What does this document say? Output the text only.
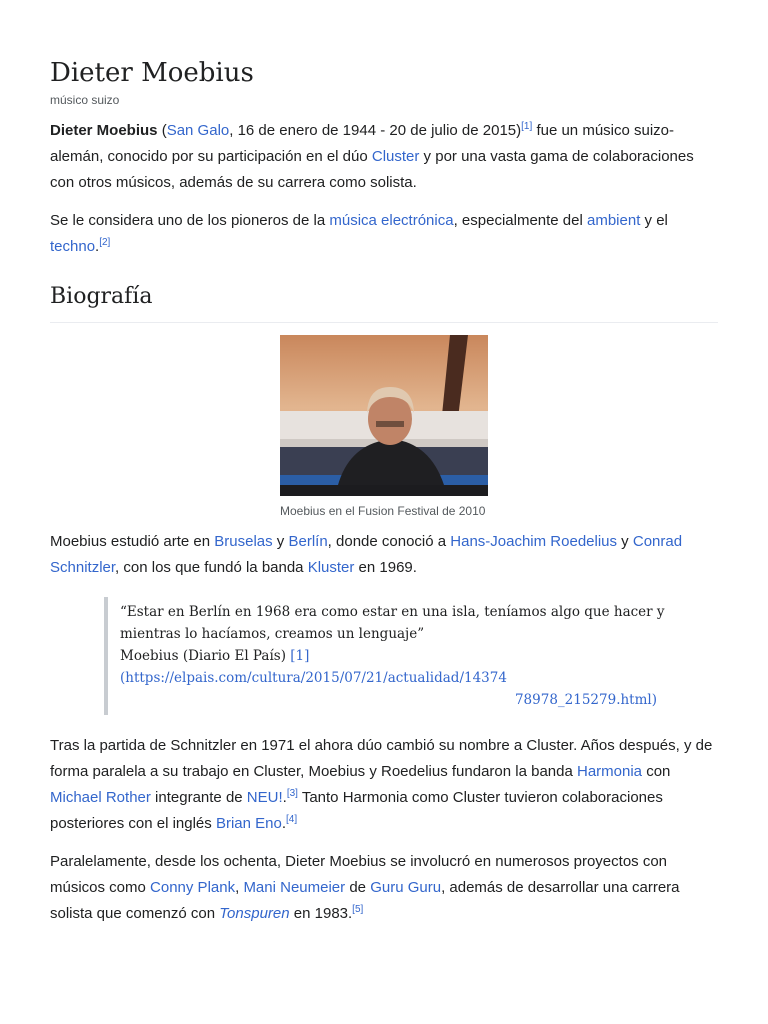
Dieter Moebius
músico suizo

Dieter Moebius (San Galo, 16 de enero de 1944 - 20 de julio de 2015)[1] fue un músico suizo-alemán, conocido por su participación en el dúo Cluster y por una vasta gama de colaboraciones con otros músicos, además de su carrera como solista.

Se le considera uno de los pioneros de la música electrónica, especialmente del ambient y el techno.[2]

Biografía
Moebius en el Fusion Festival de 2010

Moebius estudió arte en Bruselas y Berlín, donde conoció a Hans-Joachim Roedelius y Conrad Schnitzler, con los que fundó la banda Kluster en 1969.

“Estar en Berlín en 1968 era como estar en una isla, teníamos algo que hacer y mientras lo hacíamos, creamos un lenguaje”

Moebius (Diario El País) [1] (https://elpais.com/cultura/2015/07/21/actualidad/14374
78978_215279.html)

Tras la partida de Schnitzler en 1971 el ahora dúo cambió su nombre a Cluster. Años después, y de forma paralela a su trabajo en Cluster, Moebius y Roedelius fundaron la banda Harmonia con Michael Rother integrante de NEU!.[3] Tanto Harmonia como Cluster tuvieron colaboraciones posteriores con el inglés Brian Eno.[4]

Paralelamente, desde los ochenta, Dieter Moebius se involucró en numerosos proyectos con músicos como Conny Plank, Mani Neumeier de Guru Guru, además de desarrollar una carrera solista que comenzó con Tonspuren en 1983.[5]
